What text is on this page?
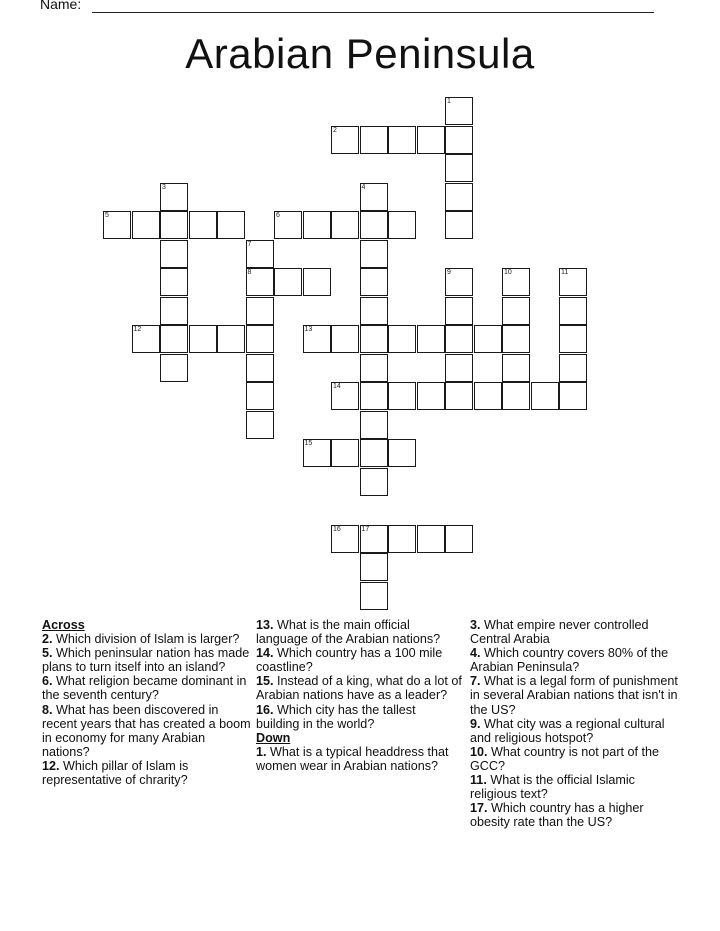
Name:
Arabian Peninsula
1
2
3
5	6
4
7
8	9	10	11
12	13
14
15
16	17

Across

2. Which division of Islam is larger?

5. Which peninsular nation has made plans to turn itself into an island?

6. What religion became dominant in the seventh century?

8. What has been discovered in recent years that has created a boom in economy for many Arabian nations?

12. Which pillar of Islam is representative of chrarity?

13. What is the main official language of the Arabian nations?

14. Which country has a 100 mile coastline?

15. Instead of a king, what do a lot of Arabian nations have as a leader?

16. Which city has the tallest building in the world?

Down

1. What is a typical headdress that women wear in Arabian nations?

3. What empire never controlled Central Arabia

4. Which country covers 80% of the Arabian Peninsula?

7. What is a legal form of punishment in several Arabian nations that isn't in the US?

9. What city was a regional cultural and religious hotspot?

10. What country is not part of the GCC?

11. What is the official Islamic religious text?

17. Which country has a higher obesity rate than the US?
